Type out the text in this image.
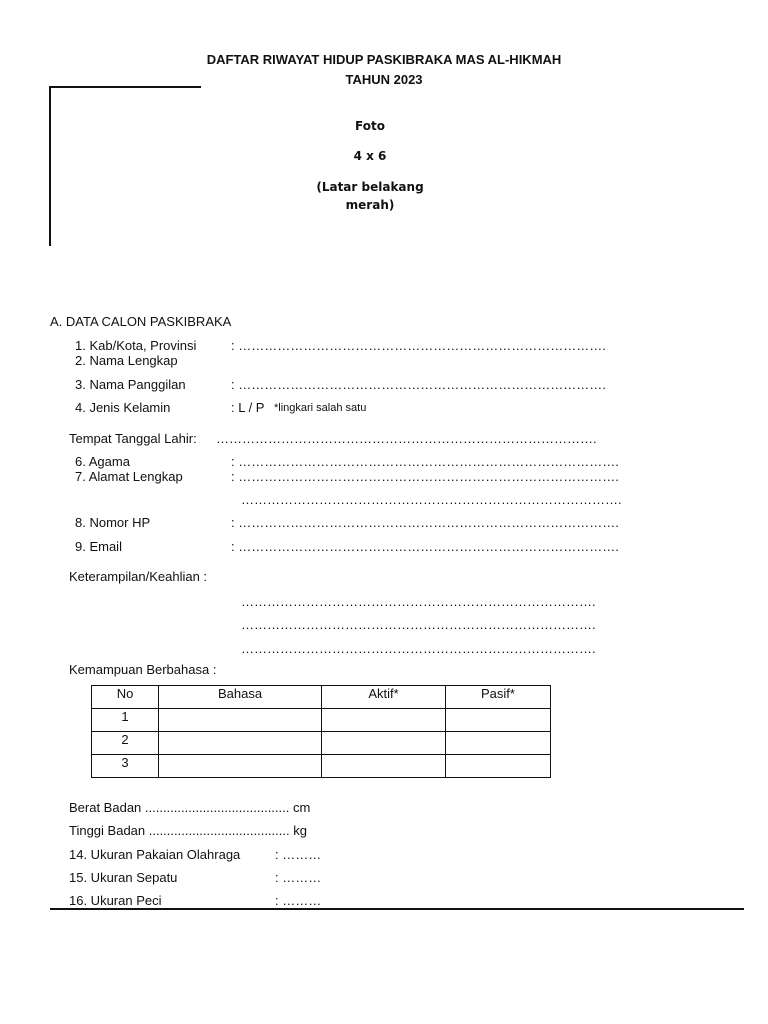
DAFTAR RIWAYAT HIDUP PASKIBRAKA MAS AL-HIKMAH
TAHUN 2023
Foto
4 x 6
(Latar belakang merah)
A. DATA CALON PASKIBRAKA
1. Kab/Kota, Provinsi	: ………………………………………………………………………….
2. Nama Lengkap
3. Nama Panggilan	: ………………………………………………………………………….
4. Jenis Kelamin	: L / P *lingkari salah satu
Tempat Tanggal Lahir: …………………………………………………………………………….
6. Agama	: …………………………………………………………………………….
7. Alamat Lengkap	: …………………………………………………………………………….
…………………………………………………………………………….
8. Nomor HP	: …………………………………………………………………………….
9. Email	: …………………………………………………………………………….
Keterampilan/Keahlian :
……………………………………………………………………….
……………………………………………………………………….
……………………………………………………………………….
Kemampuan Berbahasa :
No	Bahasa	Aktif*	Pasif*
1			
2			
3			
Berat Badan ........................................ cm
Tinggi Badan ....................................... kg
14. Ukuran Pakaian Olahraga	: ………
15. Ukuran Sepatu	: ………
16. Ukuran Peci	: ………
